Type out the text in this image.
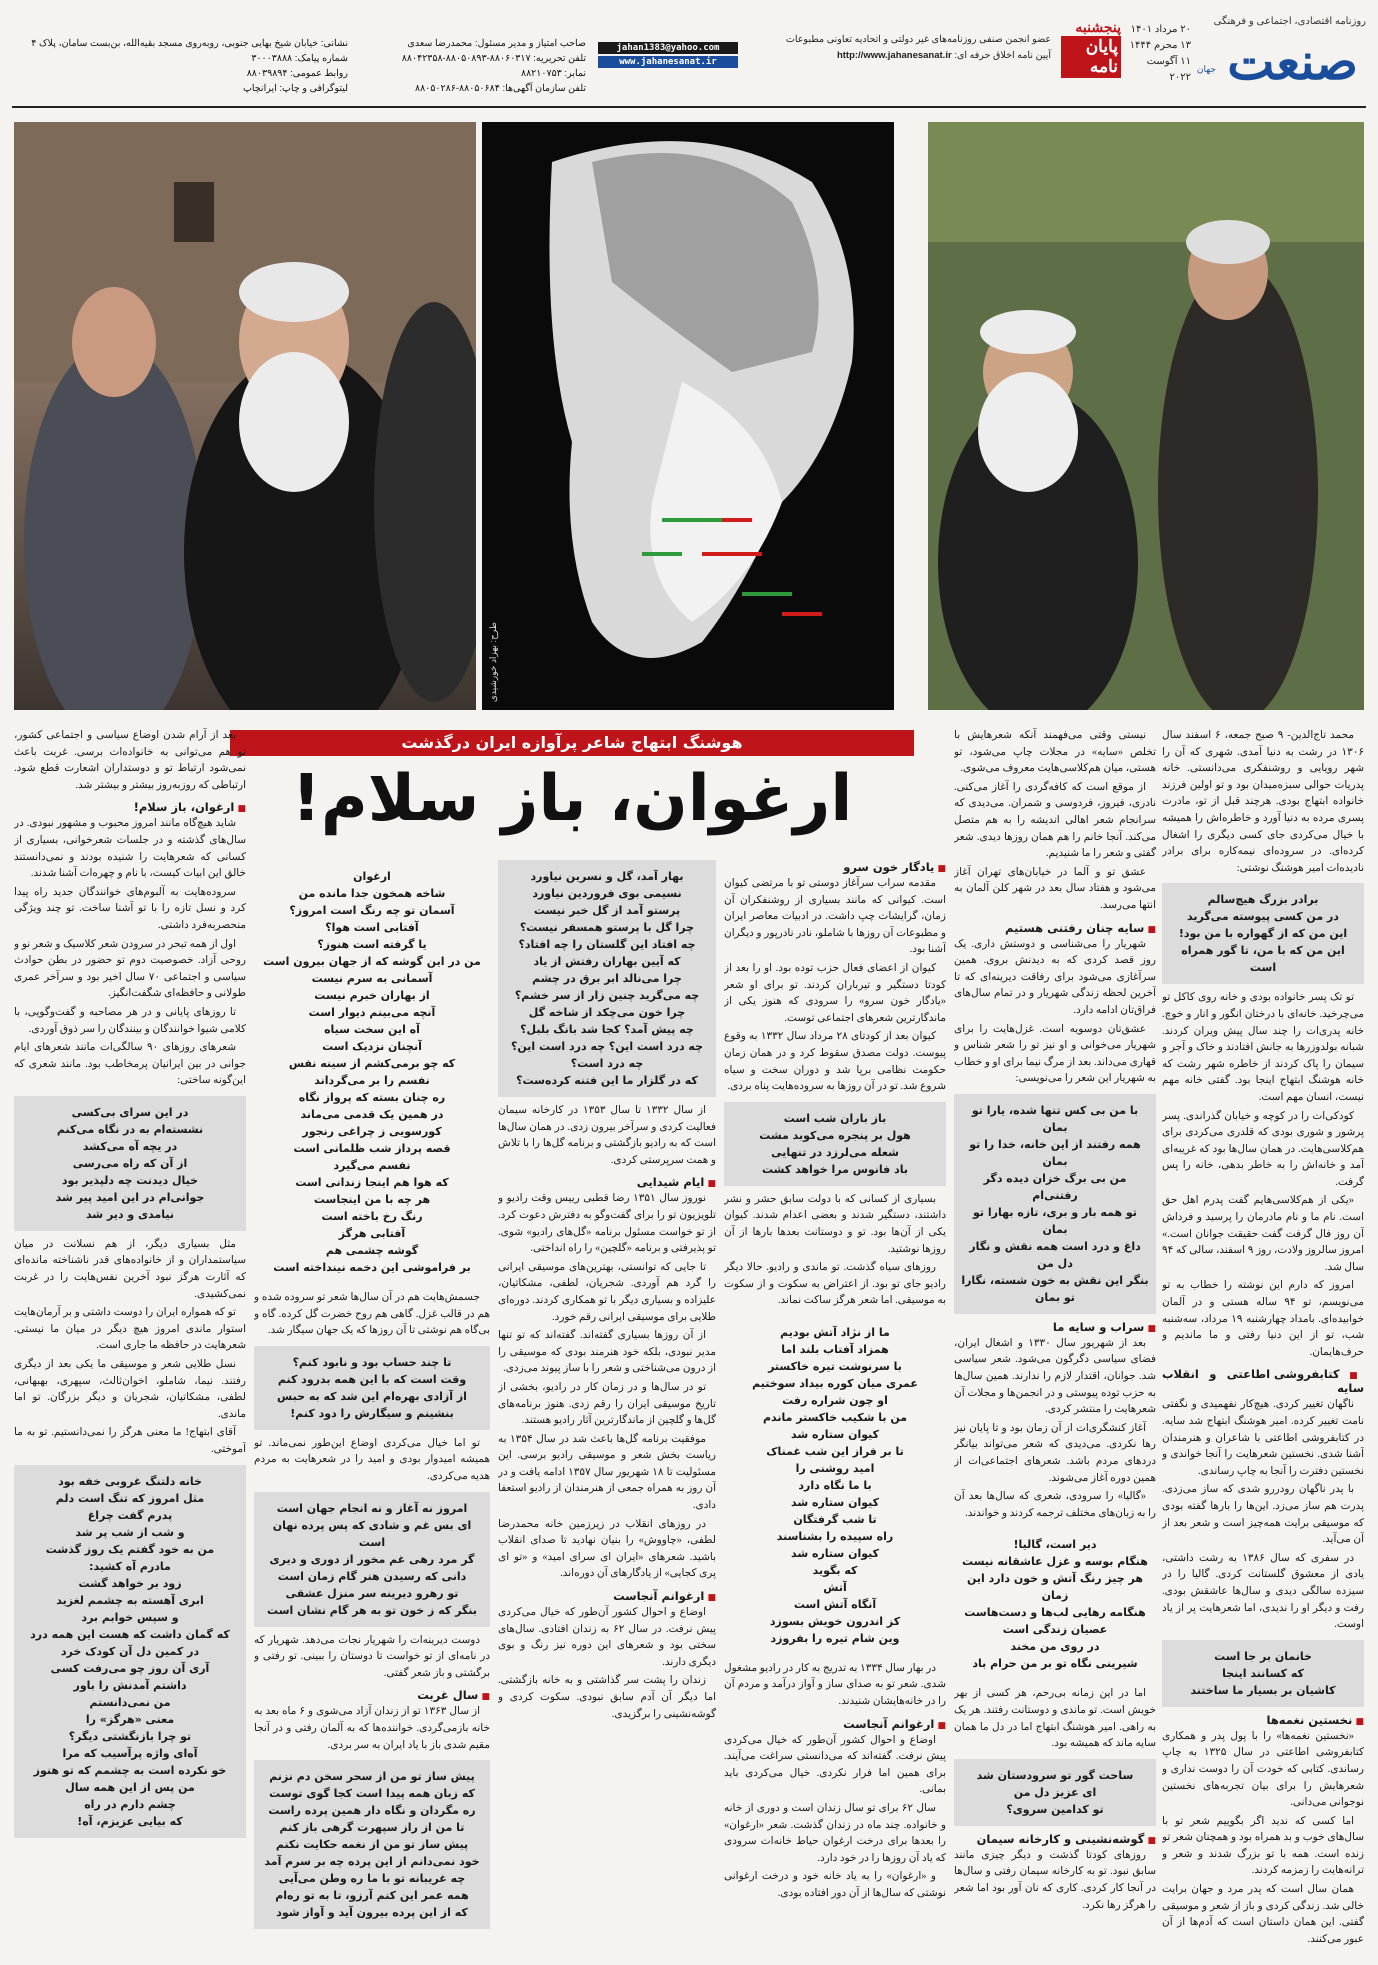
روزنامه اقتصادی، اجتماعی و فرهنگی
صنعت
جهان
۲۰ مرداد ۱۴۰۱
۱۳ محرم ۱۴۴۴
۱۱ آگوست ۲۰۲۲
پنجشنبه
پایان نامه
عضو انجمن صنفی روزنامه‌های غیر دولتی و اتحادیه تعاونی مطبوعات
آیین نامه اخلاق حرفه ای: http://www.jahanesanat.ir
jahan1383@yahoo.com
www.jahanesanat.ir
صاحب امتیاز و مدیر مسئول: محمدرضا سعدی
تلفن تحریریه: ۸۸۰۶۰۳۱۷-۸۸۰۵۰۸۹۳-۸۸۰۴۲۳۵۸
نمابر: ۸۸۲۱۰۷۵۳
تلفن سازمان آگهی‌ها: ۸۸۰۵۰۶۸۴-۸۸۰۵۰۲۸۶
نشانی: خیابان شیخ بهایی جنوبی، روبه‌روی مسجد بقیه‌الله، بن‌بست سامان، پلاک ۴
شماره پیامک: ۳۰۰۰۳۸۸۸
روابط عمومی: ۸۸۰۳۹۸۹۴
لیتوگرافی و چاپ: ایرانچاپ
طرح: بهزاد خورشیدی
هوشنگ ابتهاج شاعر پرآوازه ایران درگذشت
ارغوان، باز سلام!

محمد تاج‌الدین- ۹ صبح جمعه، ۶ اسفند سال ۱۳۰۶ در رشت به دنیا آمدی. شهری که آن را شهر رویایی و روشنفکری می‌دانستی. خانه پدریات حوالی سبزه‌میدان بود و تو اولین فرزند خانواده ابتهاج بودی. هرچند قبل از تو، مادرت پسری مرده به دنیا آورد و خاطره‌اش را همیشه با خیال می‌کردی جای کسی دیگری را اشغال کرده‌ای. در سروده‌ای نیمه‌کاره برای برادر نادیده‌ات امیر هوشنگ نوشتی:

برادر بزرگ هیچ‌سالم
در من کسی پیوسته می‌گرید
این من که از گهواره با من بود!
این من که با من، تا گور همراه است

تو تک پسر خانواده بودی و خانه روی کاکل تو می‌چرخید. خانه‌ای با درختان انگور و انار و خوچ. خانه پدری‌ات را چند سال پیش ویران کردند. شبانه بولدوزرها به جانش افتادند و خاک و آجر و سیمان را پاک کردند از خاطره شهر رشت که خانه هوشنگ ابتهاج اینجا بود. گفتی خانه مهم نیست، انسان مهم است.

کودکی‌ات را در کوچه و خیابان گذراندی. پسر پرشور و شوری بودی که قلدری می‌کردی برای هم‌کلاسی‌هایت. در همان سال‌ها بود که غریبه‌ای آمد و خانه‌اش را به خاطر بدهی، خانه را پس گرفت.

«یکی از هم‌کلاسی‌هایم گفت پدرم اهل حق است. نام ما و نام مادرمان را پرسید و فرداش آن روز فال گرفت گفت حقیقت جوانان است.» امروز سالروز ولادت، روز ۹ اسفند، سالی که ۹۴ سال شد.

امروز که دارم این نوشته را خطاب به تو می‌نویسم، تو ۹۴ ساله هستی و در آلمان خوابیده‌ای. بامداد چهارشنبه ۱۹ مرداد، سه‌شنبه شب، تو از این دنیا رفتی و ما ماندیم و حرف‌هایمان.

■ کتابفروشی اطاعتی و انقلاب سایه

ناگهان تغییر کردی. هیچ‌کار نفهمیدی و نگفتی نامت تغییر کرده. امیر هوشنگ ابتهاج شد سایه. در کتابفروشی اطاعتی با شاعران و هنرمندان آشنا شدی. نخستین شعرهایت را آنجا خواندی و نخستین دفترت را آنجا به چاپ رساندی.

با پدر ناگهان رودررو شدی که ساز می‌زدی. پدرت هم ساز می‌زد. این‌ها را بارها گفته بودی که موسیقی برایت همه‌چیز است و شعر بعد از آن می‌آید.

در سفری که سال ۱۳۸۶ به رشت داشتی، یادی از معشوق گلستانت کردی. گالیا را در سیزده سالگی دیدی و سال‌ها عاشقش بودی. رفت و دیگر او را ندیدی، اما شعرهایت پر از یاد اوست.

خانمان بر جا است
که کسانند اینجا
کاشیان بر بسیار ما ساختند
■ نخستین نغمه‌ها

«نخستین نغمه‌ها» را با پول پدر و همکاری کتابفروشی اطاعتی در سال ۱۳۲۵ به چاپ رساندی. کتابی که خودت آن را دوست نداری و شعرهایش را برای بیان تجربه‌های نخستین نوجوانی می‌دانی.

اما کسی که ندید اگر بگوییم شعر تو با سال‌های خوب و بد همراه بود و همچنان شعر تو زنده است. همه با تو بزرگ شدند و شعر و ترانه‌هایت را زمزمه کردند.

همان سال است که پدر مرد و جهان برایت خالی شد. زندگی کردی و باز از شعر و موسیقی گفتی. این همان داستان است که آدم‌ها از آن عبور می‌کنند.

نیستی وقتی می‌فهمند آنکه شعرهایش با تخلص «سایه» در مجلات چاپ می‌شود، تو هستی، میان هم‌کلاسی‌هایت معروف می‌شوی.

از موقع است که کافه‌گردی را آغاز می‌کنی. نادری، فیروز، فردوسی و شمران. می‌دیدی که سرانجام شعر اهالی اندیشه را به هم متصل می‌کند. آنجا خانم را هم همان روزها دیدی. شعر گفتی و شعر را ما شنیدیم.

عشق تو و آلما در خیابان‌های تهران آغاز می‌شود و هفتاد سال بعد در شهر کلن آلمان به انتها می‌رسد.

■ سایه چنان رفتنی هستیم

شهریار را می‌شناسی و دوستش داری. یک روز قصد کردی که به دیدنش بروی. همین سرآغازی می‌شود برای رفاقت دیرینه‌ای که تا آخرین لحظه زندگی شهریار و در تمام سال‌های فراق‌تان ادامه دارد.

عشق‌تان دوسویه است. غزل‌هایت را برای شهریار می‌خوانی و او نیز تو را شعر شناس و قهاری می‌داند. بعد از مرگ نیما برای او و خطاب به شهریار این شعر را می‌نویسی:

با من بی کس تنها شده، یارا تو بمان
همه رفتند از این خانه، خدا را تو بمان
من بی برگ خزان دیده دگر رفتنی‌ام
تو همه بار و بری، تازه بهارا تو بمان
داغ و درد است همه نقش و نگار دل من
بنگر این نقش به خون شسته، نگارا تو بمان
■ سراب و سایه ما

بعد از شهریور سال ۱۳۳۰ و اشغال ایران، فضای سیاسی دگرگون می‌شود. شعر سیاسی شد. جوانان، اقتدار لازم را ندارند. همین سال‌ها به حزب توده پیوستی و در انجمن‌ها و مجلات آن شعرهایت را منتشر کردی.

آغاز کنشگری‌ات از آن زمان بود و تا پایان نیز رها نکردی. می‌دیدی که شعر می‌تواند بیانگر دردهای مردم باشد. شعرهای اجتماعی‌ات از همین دوره آغاز می‌شوند.

«گالیا» را سرودی، شعری که سال‌ها بعد آن را به زبان‌های مختلف ترجمه کردند و خواندند.

دیر است، گالیا!
هنگام بوسه و غزل عاشقانه نیست
هر چیز رنگ آتش و خون دارد این زمان
هنگامه رهایی لب‌ها و دست‌هاست
عصیان زندگی است
در روی من مخند
شیرینی نگاه تو بر من حرام باد

اما در این زمانه بی‌رحم، هر کسی از بهر خویش است. تو ماندی و دوستانت رفتند. هر یک به راهی. امیر هوشنگ ابتهاج اما در دل ما همان سایه ماند که همیشه بود.

ساحت گور تو سرودستان شد
ای عزیز دل من
تو کدامین سروی؟
■ گوشه‌نشینی و کارخانه سیمان

روزهای کودتا گذشت و دیگر چیزی مانند سابق نبود. تو به کارخانه سیمان رفتی و سال‌ها در آنجا کار کردی. کاری که نان آور بود اما شعر را هرگز رها نکرد.

■ یادگار خون سرو

مقدمه سراب سرآغاز دوستی تو با مرتضی کیوان است. کیوانی که مانند بسیاری از روشنفکران آن زمان، گرایشات چپ داشت. در ادبیات معاصر ایران و مطبوعات آن روزها با شاملو، نادر نادرپور و دیگران آشنا بود.

کیوان از اعضای فعال حزب توده بود. او را بعد از کودتا دستگیر و تیرباران کردند. تو برای او شعر «یادگار خون سرو» را سرودی که هنوز یکی از ماندگارترین شعرهای اجتماعی توست.

کیوان بعد از کودتای ۲۸ مرداد سال ۱۳۳۲ به وقوع پیوست. دولت مصدق سقوط کرد و در همان زمان حکومت نظامی برپا شد و دوران سخت و سیاه شروع شد. تو در آن روزها به سروده‌هایت پناه بردی.

باز باران شب است
هول بر پنجره می‌کوبد مشت
شعله می‌لرزد در تنهایی
باد فانوس مرا خواهد کشت

بسیاری از کسانی که با دولت سابق حشر و نشر داشتند، دستگیر شدند و بعضی اعدام شدند. کیوان یکی از آن‌ها بود. تو و دوستانت بعدها بارها از آن روزها نوشتید.

روزهای سیاه گذشت. تو ماندی و رادیو. حالا دیگر رادیو جای تو بود. از اعتراض به سکوت و از سکوت به موسیقی. اما شعر هرگز ساکت نماند.

ما از نژاد آتش بودیم
همزاد آفتاب بلند اما
با سرنوشت تیره خاکستر
عمری میان کوره بیداد سوختیم
او چون شراره رفت
من با شکیب خاکستر ماندم
کیوان ستاره شد
تا بر فراز این شب غمناک
امید روشنی را
با ما نگاه دارد
کیوان ستاره شد
تا شب گرفتگان
راه سپیده را بشناسند
کیوان ستاره شد
که بگوید
آتش
آنگاه آتش است
کز اندرون خویش بسوزد
وین شام تیره را بفروزد

در بهار سال ۱۳۳۴ به تدریج به کار در رادیو مشغول شدی. شعر تو به صدای ساز و آواز درآمد و مردم آن را در خانه‌هایشان شنیدند.

■ ارغوانم آنجاست

اوضاع و احوال کشور آن‌طور که خیال می‌کردی پیش نرفت. گفته‌اند که می‌دانستی سراغت می‌آیند. برای همین اما فرار نکردی. خیال می‌کردی باید بمانی.

سال ۶۲ برای تو سال زندان است و دوری از خانه و خانواده. چند ماه در زندان گذشت. شعر «ارغوان» را بعدها برای درخت ارغوان حیاط خانه‌ات سرودی که یاد آن روزها را در خود دارد.

و «ارغوان» را به یاد خانه خود و درخت ارغوانی نوشتی که سال‌ها از آن دور افتاده بودی.

بهار آمد، گل و نسرین نیاورد
نسیمی بوی فروردین نیاورد
پرستو آمد از گل خبر نیست
چرا گل با پرستو همسفر نیست؟
چه افتاد این گلستان را چه افتاد؟
که آیین بهاران رفتش از یاد
چرا می‌نالد ابر برق در چشم
چه می‌گرید چنین زار از سر خشم؟
چرا خون می‌چکد از شاخه گل
چه پیش آمد؟ کجا شد بانگ بلبل؟
چه درد است این؟ چه درد است این؟
چه درد است؟
که در گلزار ما این فتنه کرده‌ست؟

از سال ۱۳۳۲ تا سال ۱۳۵۳ در کارخانه سیمان فعالیت کردی و سرآخر بیرون زدی. در همان سال‌ها است که به رادیو بازگشتی و برنامه گل‌ها را با تلاش و همت سرپرستی کردی.

■ ایام شیدایی

نوروز سال ۱۳۵۱ رضا قطبی رییس وقت رادیو و تلویزیون تو را برای گفت‌وگو به دفترش دعوت کرد. از تو خواست مسئول برنامه «گل‌های رادیو» شوی. تو پذیرفتی و برنامه «گلچین» را راه انداختی.

تا جایی که توانستی، بهترین‌های موسیقی ایرانی را گرد هم آوردی. شجریان، لطفی، مشکاتیان، علیزاده و بسیاری دیگر با تو همکاری کردند. دوره‌ای طلایی برای موسیقی ایرانی رقم خورد.

از آن روزها بسیاری گفته‌اند. گفته‌اند که تو تنها مدیر نبودی، بلکه خود هنرمند بودی که موسیقی را از درون می‌شناختی و شعر را با ساز پیوند می‌زدی.

تو در سال‌ها و در زمان کار در رادیو، بخشی از تاریخ موسیقی ایران را رقم زدی. هنوز برنامه‌های گل‌ها و گلچین از ماندگارترین آثار رادیو هستند.

موفقیت برنامه گل‌ها باعث شد در سال ۱۳۵۴ به ریاست بخش شعر و موسیقی رادیو برسی. این مسئولیت تا ۱۸ شهریور سال ۱۳۵۷ ادامه یافت و در آن روز به همراه جمعی از هنرمندان از رادیو استعفا دادی.

در روزهای انقلاب در زیرزمین خانه محمدرضا لطفی، «چاووش» را بنیان نهادید تا صدای انقلاب باشید. شعرهای «ایران ای سرای امید» و «تو ای پری کجایی» از یادگارهای آن دوره‌اند.

■ ارغوانم آنجاست

اوضاع و احوال کشور آن‌طور که خیال می‌کردی پیش نرفت. در سال ۶۲ به زندان افتادی. سال‌های سختی بود و شعرهای این دوره نیز رنگ و بوی دیگری دارند.

زندان را پشت سر گذاشتی و به خانه بازگشتی. اما دیگر آن آدم سابق نبودی. سکوت کردی و گوشه‌نشینی را برگزیدی.

ارغوان
شاخه همخون جدا مانده من
آسمان تو چه رنگ است امروز؟
آفتابی است هوا؟
یا گرفته است هنوز؟
من در این گوشه که از جهان بیرون است
آسمانی به سرم نیست
از بهاران خبرم نیست
آنچه می‌بینم دیوار است
آه این سخت سیاه
آنچنان نزدیک است
که چو برمی‌کشم از سینه نفس
نفسم را بر می‌گرداند
ره چنان بسته که پرواز نگاه
در همین یک قدمی می‌ماند
کورسویی ز چراغی رنجور
قصه پرداز شب ظلمانی است
نفسم می‌گیرد
که هوا هم اینجا زندانی است
هر چه با من اینجاست
رنگ رخ باخته است
آفتابی هرگز
گوشه چشمی هم
بر فراموشی این دخمه نینداخته است

جسمش‌هایت هم در آن سال‌ها شعر تو سروده شده و هم در قالب غزل. گاهی هم روح خضرت گل کرده. گاه و بی‌گاه هم نوشتی تا آن روزها که یک جهان سیگار شد.

تا چند حساب بود و نابود کنم؟
وقت است که با این همه بدرود کنم
از آزادی بهره‌ام این شد که به حبس
بنشینم و سیگارش را دود کنم!

تو اما خیال می‌کردی اوضاع این‌طور نمی‌ماند. تو همیشه امیدوار بودی و امید را در شعرهایت به مردم هدیه می‌کردی.

امروز نه آغاز و نه انجام جهان است
ای بس غم و شادی که پس پرده نهان است
گر مرد رهی غم مخور از دوری و دیری
دانی که رسیدن هنر گام زمان است
تو رهرو دیرینه سر منزل عشقی
بنگر که ز خون تو به هر گام نشان است

دوست دیرینه‌ات را شهریار نجات می‌دهد. شهریار که در نامه‌ای از تو خواست تا دوستان را ببینی. تو رفتی و برگشتی و باز شعر گفتی.

■ سال غربت

از سال ۱۳۶۳ تو از زندان آزاد می‌شوی و ۶ ماه بعد به خانه بازمی‌گردی. خواننده‌ها که به آلمان رفتی و در آنجا مقیم شدی باز با یاد ایران به سر بردی.

پیش ساز تو من از سحر سخن دم نزنم
که زبان همه پیدا است کجا گوی توست
ره مگردان و نگاه دار همین پرده راست
تا من از راز سپهرت گرهی باز کنم
پیش ساز تو من از نغمه حکایت نکنم
خود نمی‌دانم از این پرده چه بر سرم آمد
چه غریبانه تو با ما ره وطن می‌آیی
همه عمر این کنم آرزو، تا به تو ره‌ام
که از این پرده بیرون آید و آواز شود

بعد از آرام شدن اوضاع سیاسی و اجتماعی کشور، تو هم می‌توانی به خانواده‌ات برسی. غربت باعث نمی‌شود ارتباط تو و دوستداران اشعارت قطع شود. ارتباطی که روزبه‌روز بیشتر و بیشتر شد.

■ ارغوان، باز سلام!

شاید هیچ‌گاه مانند امروز محبوب و مشهور نبودی. در سال‌های گذشته و در جلسات شعرخوانی، بسیاری از کسانی که شعرهایت را شنیده بودند و نمی‌دانستند خالق این ابیات کیست، با نام و چهره‌ات آشنا شدند.

سروده‌هایت به آلبوم‌های خوانندگان جدید راه پیدا کرد و نسل تازه را با تو آشنا ساخت. تو چند ویژگی منحصربه‌فرد داشتی.

اول از همه تبحر در سرودن شعر کلاسیک و شعر نو و روحی آزاد. خصوصیت دوم تو حضور در بطن حوادث سیاسی و اجتماعی ۷۰ سال اخیر بود و سرآخر عمری طولانی و حافظه‌ای شگفت‌انگیز.

تا روزهای پایانی و در هر مصاحبه و گفت‌وگویی، با کلامی شیوا خوانندگان و بینندگان را سر ذوق آوردی.

شعرهای روزهای ۹۰ سالگی‌ات مانند شعرهای ایام جوانی در بین ایرانیان پرمخاطب بود. مانند شعری که این‌گونه ساختی:

در این سرای بی‌کسی
نشسته‌ام به در نگاه می‌کنم
در یچه آه می‌کشد
از آن که راه می‌رسی
خیال دیدنت چه دلپذیر بود
جوانی‌ام در این امید پیر شد
نیامدی و دیر شد

مثل بسیاری دیگر، از هم نسلانت در میان سیاستمداران و از خانواده‌های قدر ناشناخته مانده‌ای که آثارت هرگز نبود آخرین نفس‌هایت را در غربت نمی‌کشیدی.

تو که همواره ایران را دوست داشتی و بر آرمان‌هایت استوار ماندی امروز هیچ دیگر در میان ما نیستی. شعرهایت در حافظه ما جاری است.

نسل طلایی شعر و موسیقی ما یکی بعد از دیگری رفتند. نیما، شاملو، اخوان‌ثالث، سپهری، بهبهانی، لطفی، مشکاتیان، شجریان و دیگر بزرگان. تو اما ماندی.

آقای ابتهاج! ما معنی هرگز را نمی‌دانستیم. تو به ما آموختی.

خانه دلتنگ غروبی خفه بود
مثل امروز که تنگ است دلم
پدرم گفت چراغ
و شب از شب پر شد
من به خود گفتم یک روز گذشت
مادرم آه کشید:
زود بر خواهد گشت
ابری آهسته به چشمم لغزید
و سپس خوابم برد
که گمان داشت که هست این همه درد
در کمین دل آن کودک خرد
آری آن روز چو می‌رفت کسی
داشتم آمدنش را باور
من نمی‌دانستم
معنی «هرگز» را
تو چرا بازنگشتی دیگر؟
آه‌ای واژه پرآسیب که مرا
خو نکرده است به چشمم که تو هنوز
من پس از این همه سال
چشم دارم در راه
که بیایی عزیزم، آه!
